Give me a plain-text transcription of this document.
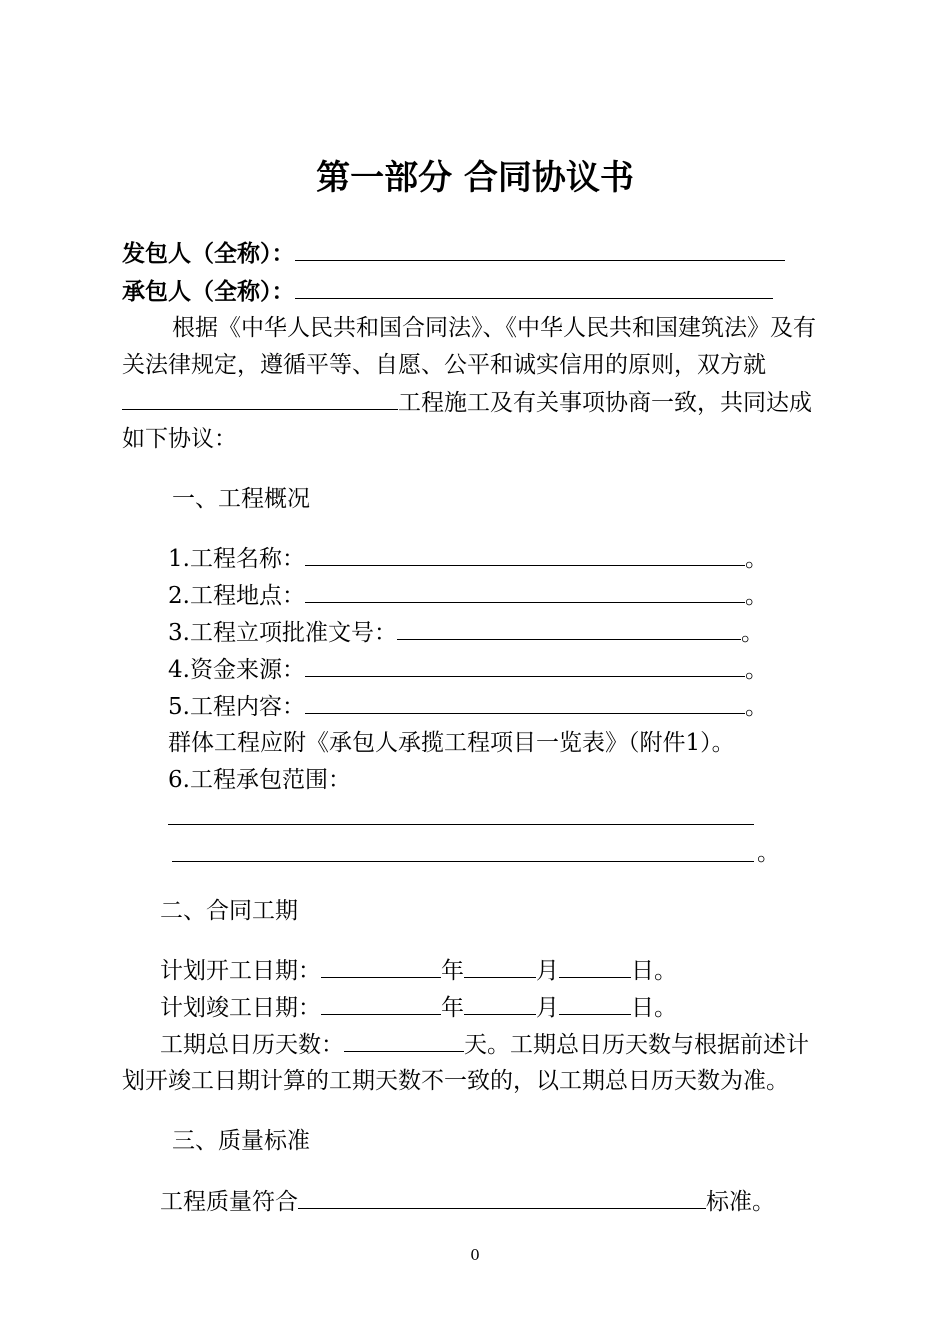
第一部分 合同协议书
发包人（全称）：
承包人（全称）：
根据《中华人民共和国合同法》、《中华人民共和国建筑法》及有
关法律规定，遵循平等、自愿、公平和诚实信用的原则，双方就
工程施工及有关事项协商一致，共同达成
如下协议：
一、工程概况
1.工程名称：	。
2.工程地点：	。
3.工程立项批准文号：	。
4.资金来源：	。
5.工程内容：	。
群体工程应附《承包人承揽工程项目一览表》（附件1）。
6.工程承包范围：
。
二、合同工期
计划开工日期：	年	月	日。
计划竣工日期：	年	月	日。
工期总日历天数：	天。工期总日历天数与根据前述计
划开竣工日期计算的工期天数不一致的，以工期总日历天数为准。
三、质量标准
工程质量符合	标准。
0
